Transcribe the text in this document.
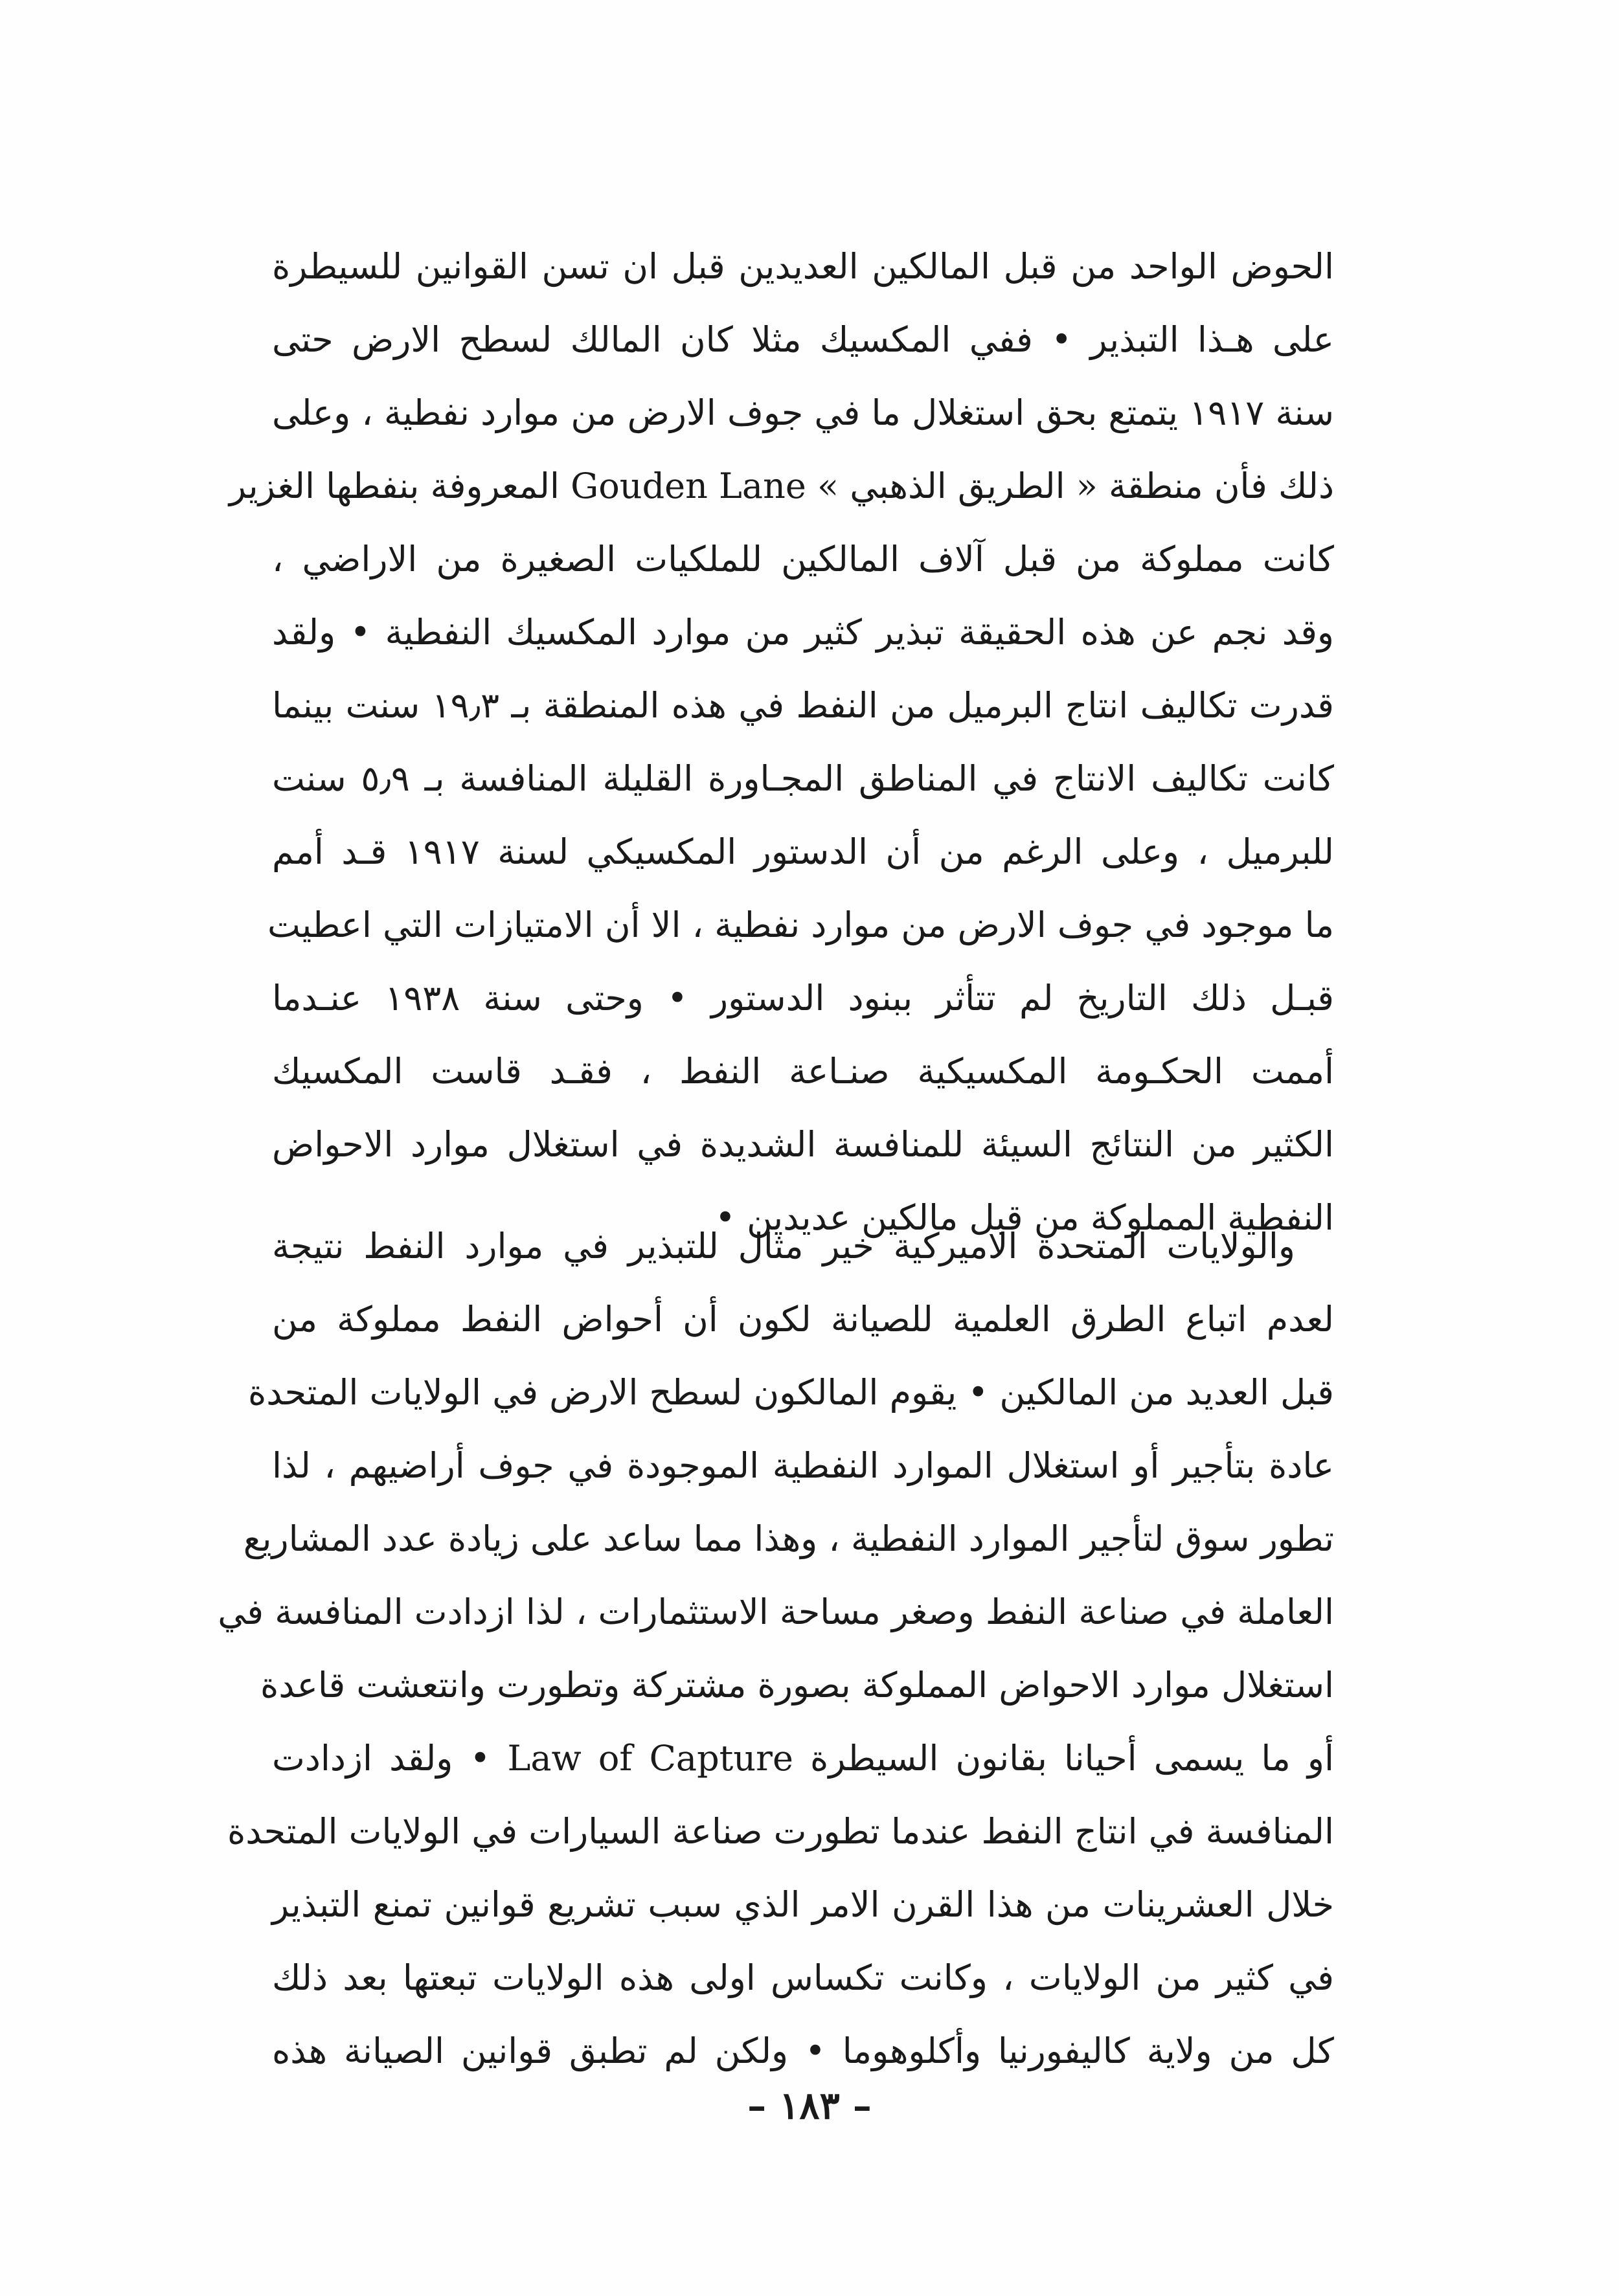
الحوض الواحد من قبل المالكين العديدين قبل ان تسن القوانين للسيطرة
على هـذا التبذير • ففي المكسيك مثلا كان المالك لسطح الارض حتى
سنة ١٩١٧ يتمتع بحق استغلال ما في جوف الارض من موارد نفطية ، وعلى
ذلك فأن منطقة « الطريق الذهبي » Gouden Lane المعروفة بنفطها الغزير
كانت مملوكة من قبل آلاف المالكين للملكيات الصغيرة من الاراضي ،
وقد نجم عن هذه الحقيقة تبذير كثير من موارد المكسيك النفطية • ولقد
قدرت تكاليف انتاج البرميل من النفط في هذه المنطقة بـ ١٩٫٣ سنت بينما
كانت تكاليف الانتاج في المناطق المجـاورة القليلة المنافسة بـ ٥٫٩ سنت
للبرميل ، وعلى الرغم من أن الدستور المكسيكي لسنة ١٩١٧ قـد أمم
ما موجود في جوف الارض من موارد نفطية ، الا أن الامتيازات التي اعطيت
قبـل ذلك التاريخ لم تتأثر ببنود الدستور • وحتى سنة ١٩٣٨ عنـدما
أممت الحكـومة المكسيكية صنـاعة النفط ، فقـد قاست المكسيك
الكثير من النتائج السيئة للمنافسة الشديدة في استغلال موارد الاحواض
النفطية المملوكة من قبل مالكين عديدين •
والولايات المتحدة الاميركية خير مثال للتبذير في موارد النفط نتيجة
لعدم اتباع الطرق العلمية للصيانة لكون أن أحواض النفط مملوكة من
قبل العديد من المالكين • يقوم المالكون لسطح الارض في الولايات المتحدة
عادة بتأجير أو استغلال الموارد النفطية الموجودة في جوف أراضيهم ، لذا
تطور سوق لتأجير الموارد النفطية ، وهذا مما ساعد على زيادة عدد المشاريع
العاملة في صناعة النفط وصغر مساحة الاستثمارات ، لذا ازدادت المنافسة في
استغلال موارد الاحواض المملوكة بصورة مشتركة وتطورت وانتعشت قاعدة
أو ما يسمى أحيانا بقانون السيطرة Law of Capture • ولقد ازدادت
المنافسة في انتاج النفط عندما تطورت صناعة السيارات في الولايات المتحدة
خلال العشرينات من هذا القرن الامر الذي سبب تشريع قوانين تمنع التبذير
في كثير من الولايات ، وكانت تكساس اولى هذه الولايات تبعتها بعد ذلك
كل من ولاية كاليفورنيا وأكلوهوما • ولكن لم تطبق قوانين الصيانة هذه
– ١٨٣ –
